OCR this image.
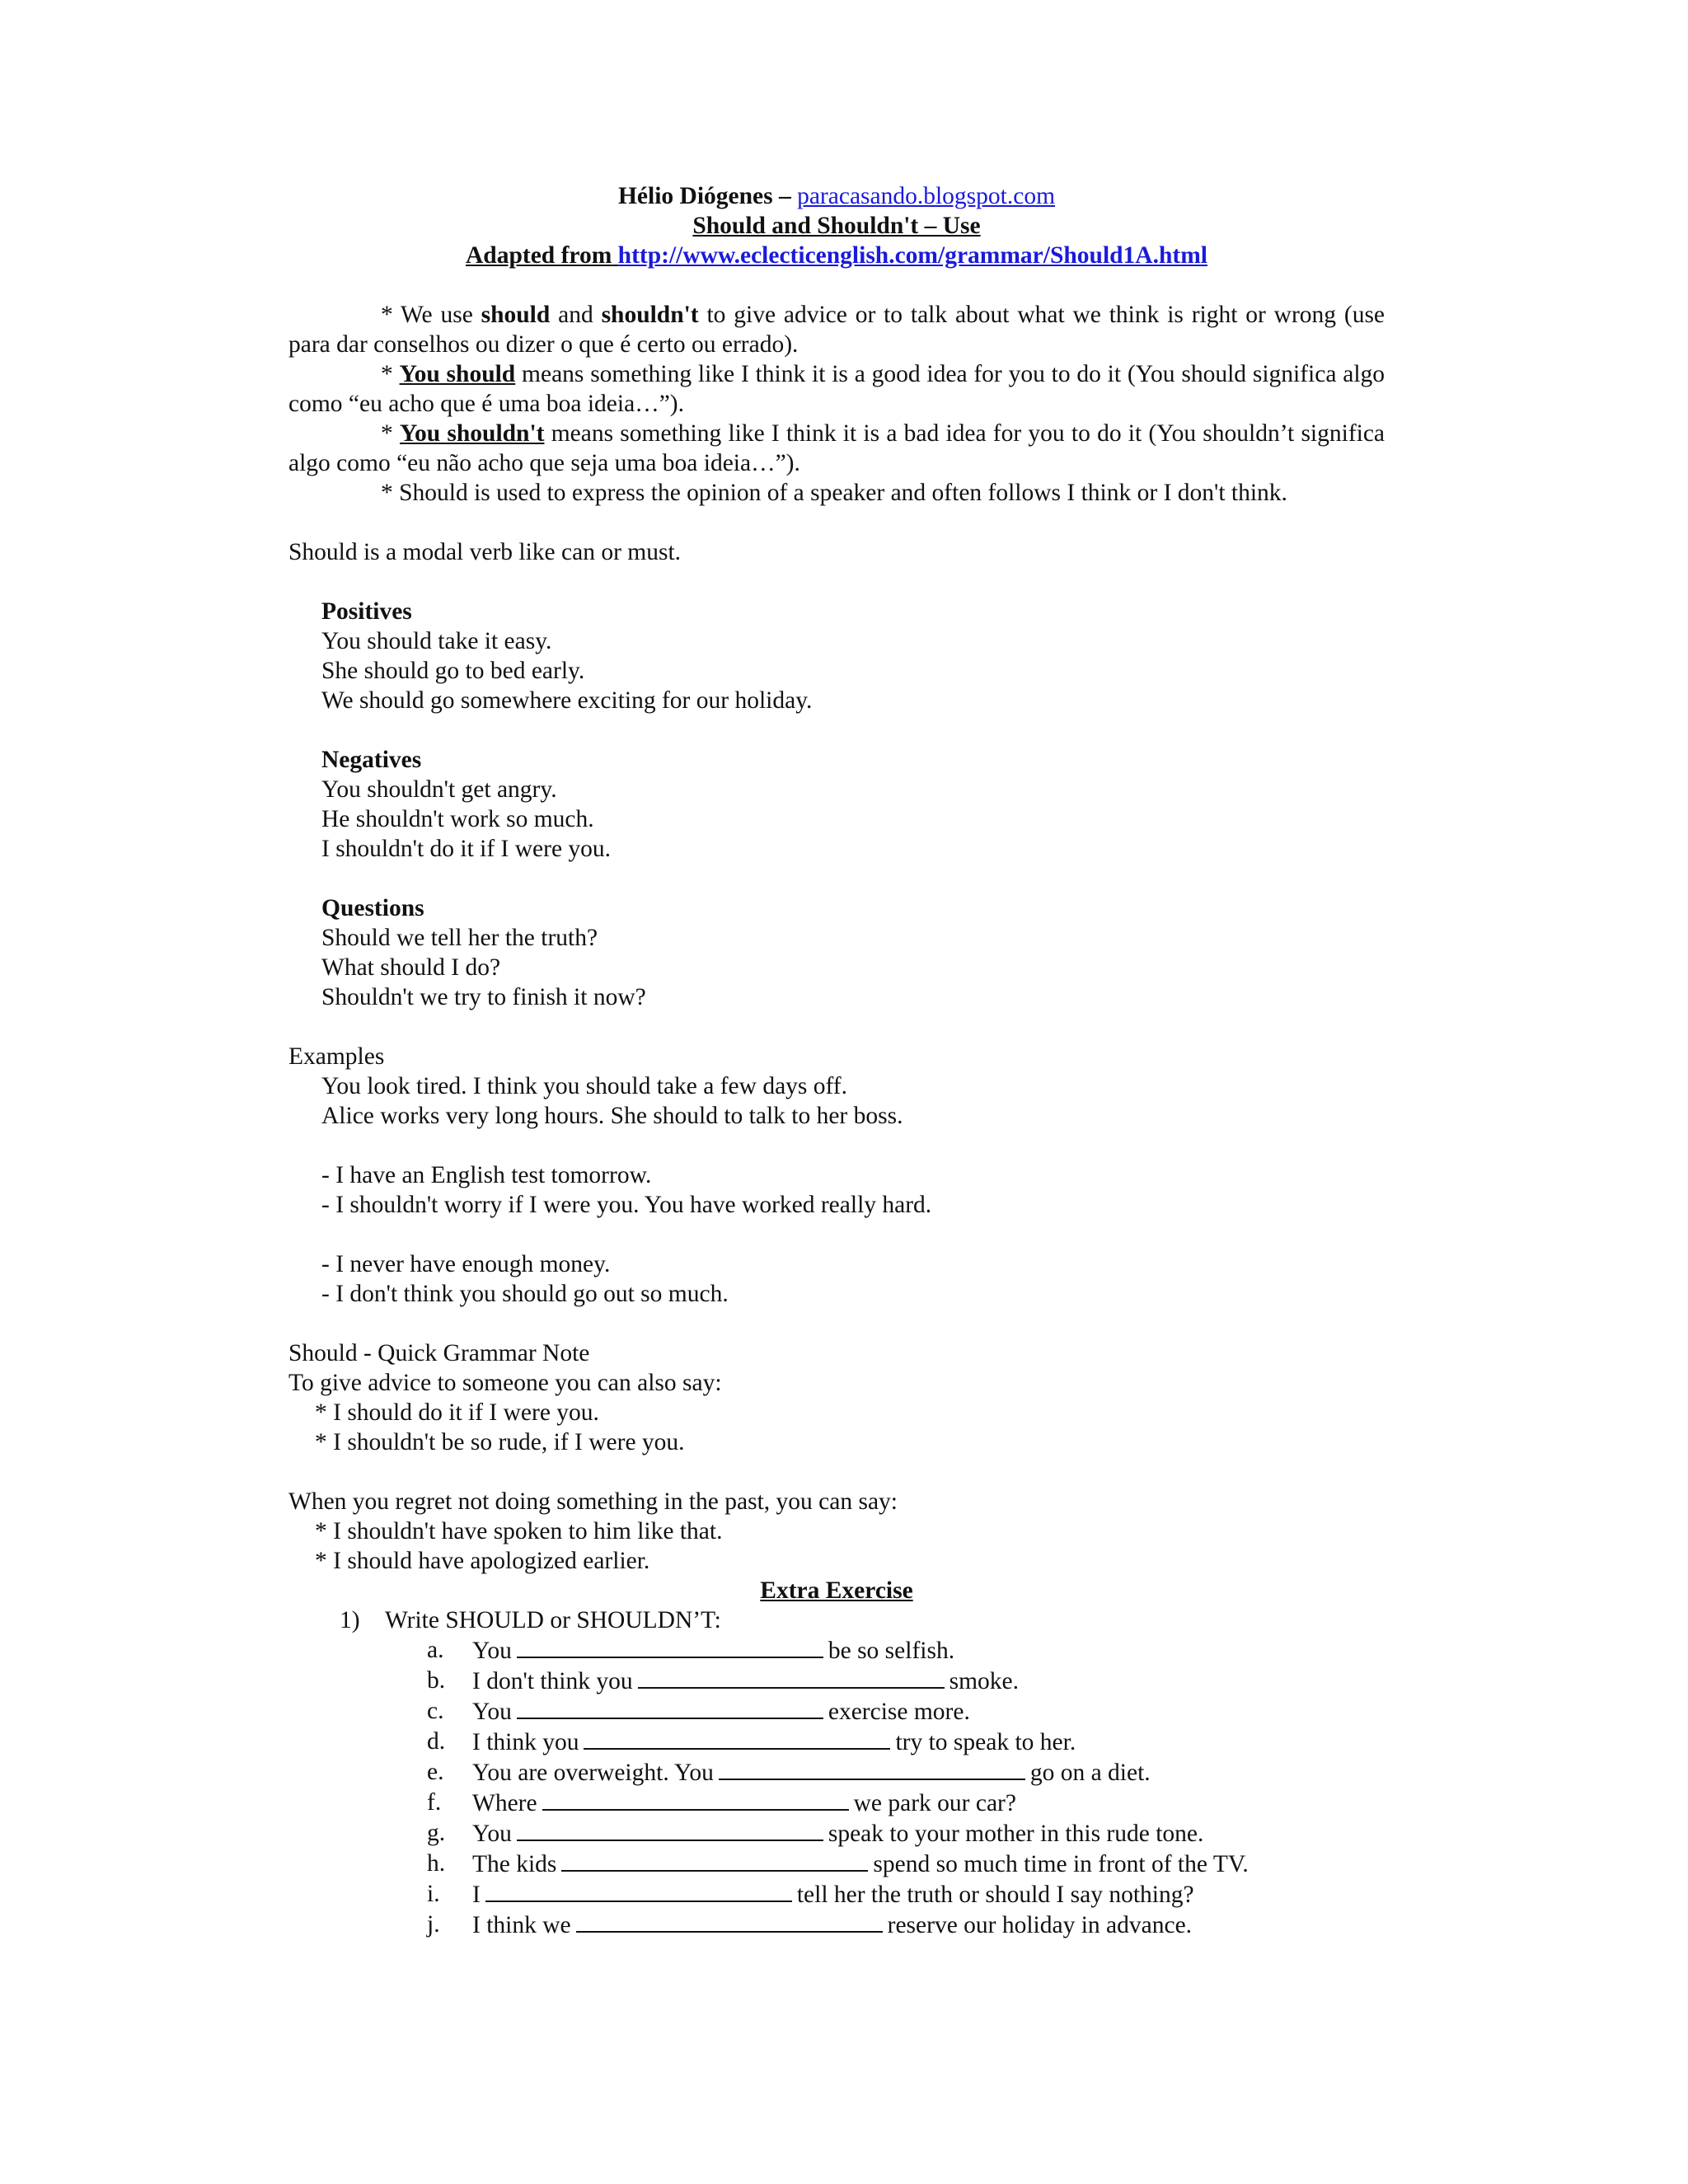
Hélio Diógenes – paracasando.blogspot.com

Should and Shouldn't – Use

Adapted from http://www.eclecticenglish.com/grammar/Should1A.html

* We use should and shouldn't to give advice or to talk about what we think is right or wrong (use para dar conselhos ou dizer o que é certo ou errado).

* You should means something like I think it is a good idea for you to do it (You should significa algo como “eu acho que é uma boa ideia…”).

* You shouldn't means something like I think it is a bad idea for you to do it (You shouldn’t significa algo como “eu não acho que seja uma boa ideia…”).

* Should is used to express the opinion of a speaker and often follows I think or I don't think.

Should is a modal verb like can or must.

Positives

You should take it easy.

She should go to bed early.

We should go somewhere exciting for our holiday.

Negatives

You shouldn't get angry.

He shouldn't work so much.

I shouldn't do it if I were you.

Questions

Should we tell her the truth?

What should I do?

Shouldn't we try to finish it now?

Examples

You look tired. I think you should take a few days off.

Alice works very long hours. She should to talk to her boss.

- I have an English test tomorrow.

- I shouldn't worry if I were you. You have worked really hard.

- I never have enough money.

- I don't think you should go out so much.

Should - Quick Grammar Note

To give advice to someone you can also say:

* I should do it if I were you.

* I shouldn't be so rude, if I were you.

When you regret not doing something in the past, you can say:

* I shouldn't have spoken to him like that.

* I should have apologized earlier.

Extra Exercise

1)	Write SHOULD or SHOULDN’T:
a.	You	be so selfish.
b.	I don't think you	smoke.
c.	You	exercise more.
d.	I think you	try to speak to her.
e.	You are overweight. You	go on a diet.
f.	Where	we park our car?
g.	You	speak to your mother in this rude tone.
h.	The kids	spend so much time in front of the TV.
i.	I	tell her the truth or should I say nothing?
j.	I think we	reserve our holiday in advance.
